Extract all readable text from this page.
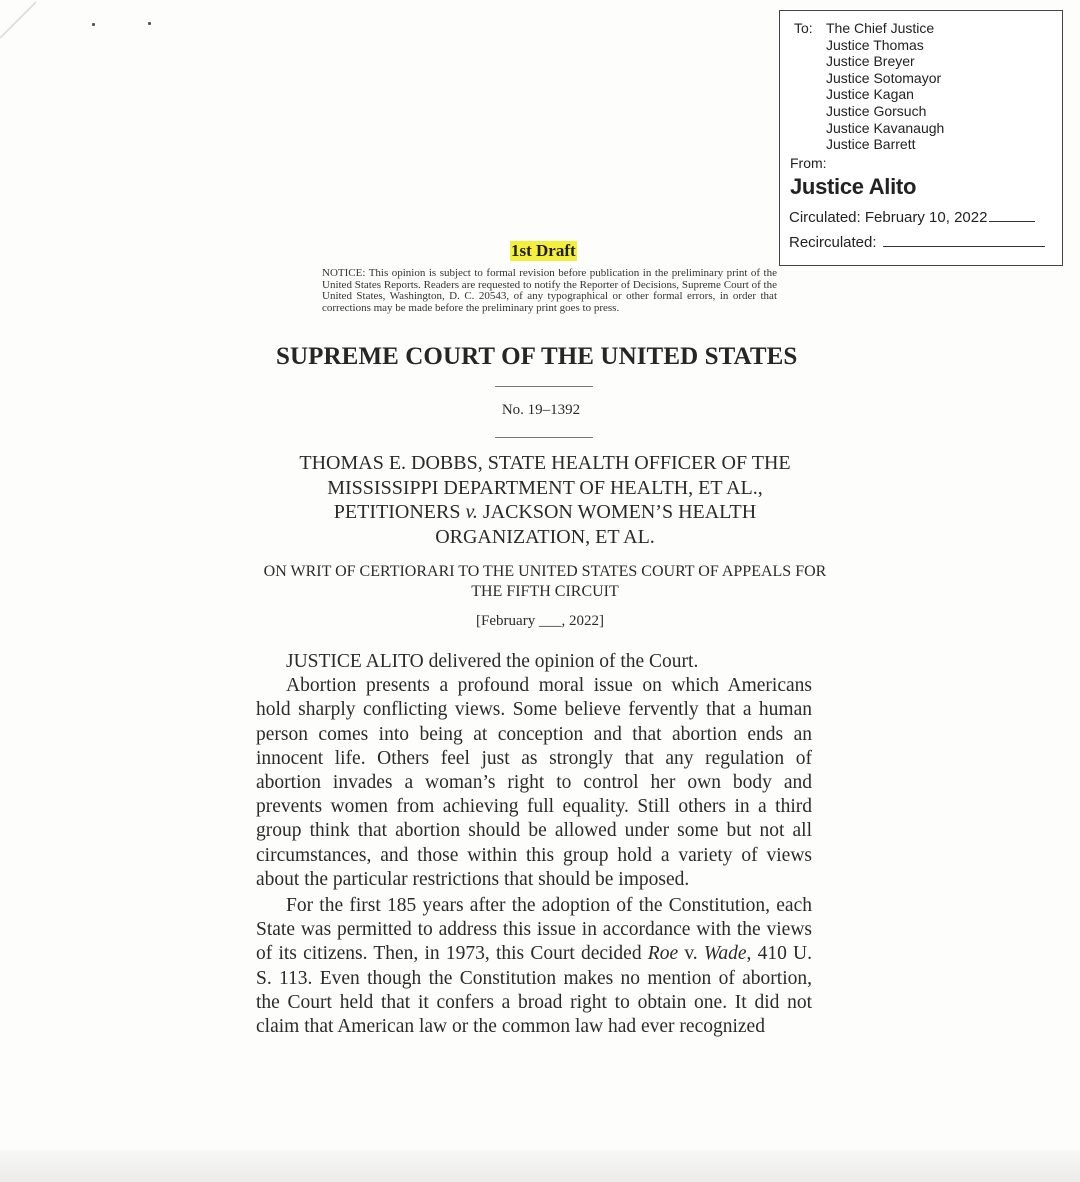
To: The Chief Justice
Justice Thomas
Justice Breyer
Justice Sotomayor
Justice Kagan
Justice Gorsuch
Justice Kavanaugh
Justice Barrett
From:
Justice Alito
Circulated: February 10, 2022
Recirculated:
1st Draft

NOTICE: This opinion is subject to formal revision before publication in the preliminary print of the United States Reports. Readers are requested to notify the Reporter of Decisions, Supreme Court of the United States, Washington, D. C. 20543, of any typographical or other formal errors, in order that corrections may be made before the preliminary print goes to press.

SUPREME COURT OF THE UNITED STATES
No. 19–1392

THOMAS E. DOBBS, STATE HEALTH OFFICER OF THE MISSISSIPPI DEPARTMENT OF HEALTH, ET AL., PETITIONERS v. JACKSON WOMEN’S HEALTH ORGANIZATION, ET AL.

ON WRIT OF CERTIORARI TO THE UNITED STATES COURT OF APPEALS FOR THE FIFTH CIRCUIT

[February ___, 2022]

JUSTICE ALITO delivered the opinion of the Court.

Abortion presents a profound moral issue on which Americans hold sharply conflicting views. Some believe fervently that a human person comes into being at conception and that abortion ends an innocent life. Others feel just as strongly that any regulation of abortion invades a woman’s right to control her own body and prevents women from achieving full equality. Still others in a third group think that abortion should be allowed under some but not all circumstances, and those within this group hold a variety of views about the particular restrictions that should be imposed.

For the first 185 years after the adoption of the Constitution, each State was permitted to address this issue in accordance with the views of its citizens. Then, in 1973, this Court decided Roe v. Wade, 410 U. S. 113. Even though the Constitution makes no mention of abortion, the Court held that it confers a broad right to obtain one. It did not claim that American law or the common law had ever recognized
